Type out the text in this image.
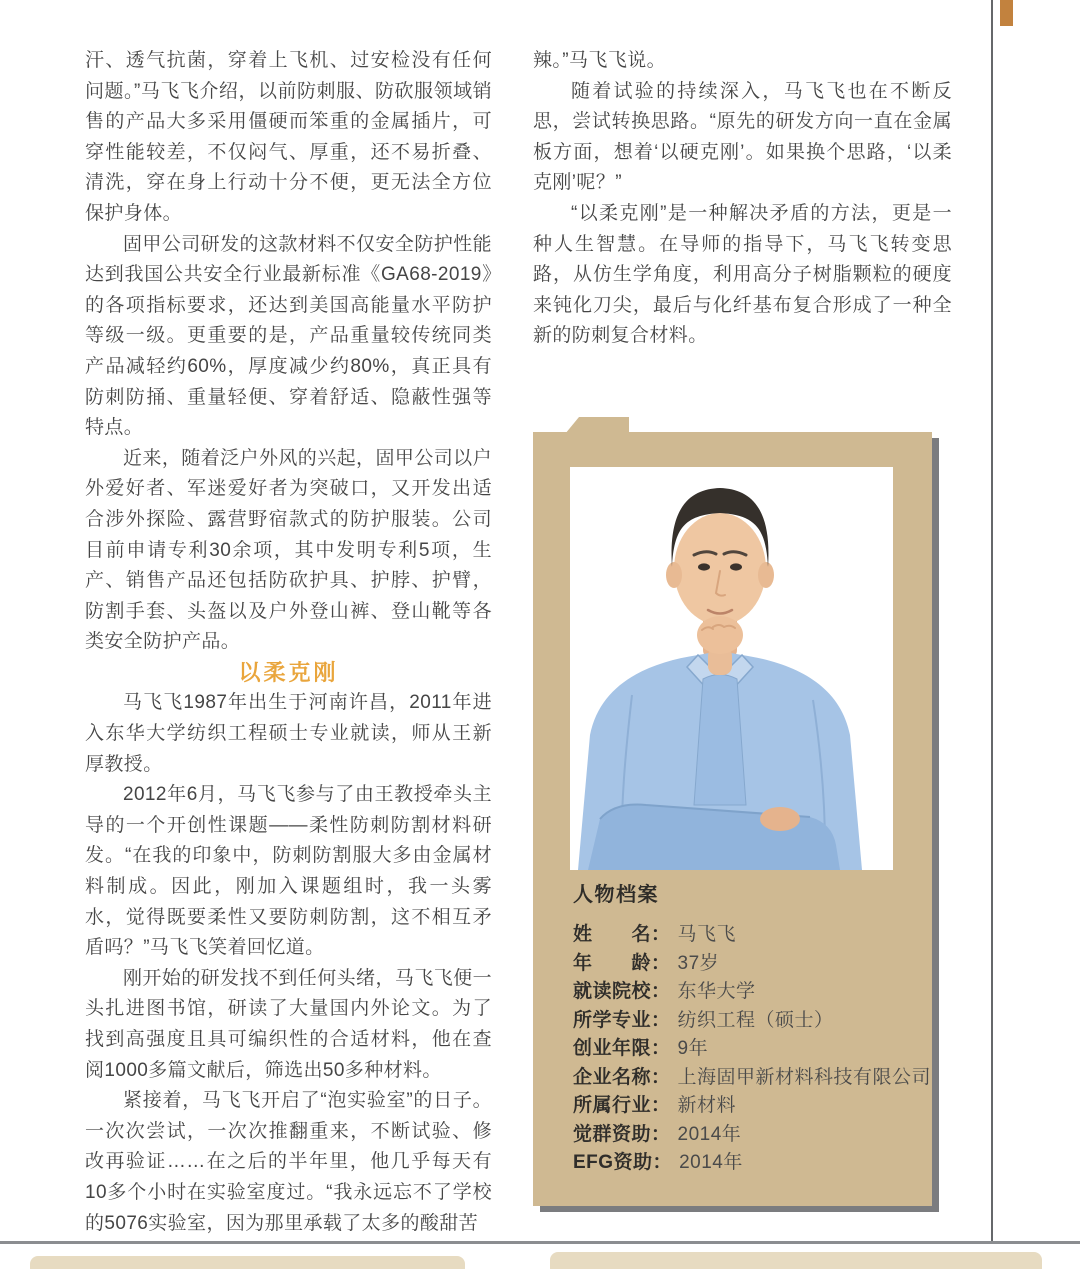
汗、透气抗菌，穿着上飞机、过安检没有任何问题。”马飞飞介绍，以前防刺服、防砍服领域销售的产品大多采用僵硬而笨重的金属插片，可穿性能较差，不仅闷气、厚重，还不易折叠、清洗，穿在身上行动十分不便，更无法全方位保护身体。

固甲公司研发的这款材料不仅安全防护性能达到我国公共安全行业最新标准《GA68-2019》的各项指标要求，还达到美国高能量水平防护等级一级。更重要的是，产品重量较传统同类产品减轻约60%，厚度减少约80%，真正具有防刺防捅、重量轻便、穿着舒适、隐蔽性强等特点。

近来，随着泛户外风的兴起，固甲公司以户外爱好者、军迷爱好者为突破口，又开发出适合涉外探险、露营野宿款式的防护服装。公司目前申请专利30余项，其中发明专利5项，生产、销售产品还包括防砍护具、护脖、护臂，防割手套、头盔以及户外登山裤、登山靴等各类安全防护产品。

以柔克刚

马飞飞1987年出生于河南许昌，2011年进入东华大学纺织工程硕士专业就读，师从王新厚教授。

2012年6月，马飞飞参与了由王教授牵头主导的一个开创性课题——柔性防刺防割材料研发。“在我的印象中，防刺防割服大多由金属材料制成。因此，刚加入课题组时，我一头雾水，觉得既要柔性又要防刺防割，这不相互矛盾吗？”马飞飞笑着回忆道。

刚开始的研发找不到任何头绪，马飞飞便一头扎进图书馆，研读了大量国内外论文。为了找到高强度且具可编织性的合适材料，他在查阅1000多篇文献后，筛选出50多种材料。

紧接着，马飞飞开启了“泡实验室”的日子。一次次尝试，一次次推翻重来，不断试验、修改再验证……在之后的半年里，他几乎每天有10多个小时在实验室度过。“我永远忘不了学校的5076实验室，因为那里承载了太多的酸甜苦

辣。”马飞飞说。

随着试验的持续深入，马飞飞也在不断反思，尝试转换思路。“原先的研发方向一直在金属板方面，想着‘以硬克刚’。如果换个思路，‘以柔克刚’呢？”

“以柔克刚”是一种解决矛盾的方法，更是一种人生智慧。在导师的指导下，马飞飞转变思路，从仿生学角度，利用高分子树脂颗粒的硬度来钝化刀尖，最后与化纤基布复合形成了一种全新的防刺复合材料。

人物档案
姓　　名： 马飞飞
年　　龄： 37岁
就读院校： 东华大学
所学专业： 纺织工程（硕士）
创业年限： 9年
企业名称： 上海固甲新材料科技有限公司
所属行业： 新材料
觉群资助： 2014年
EFG资助： 2014年
